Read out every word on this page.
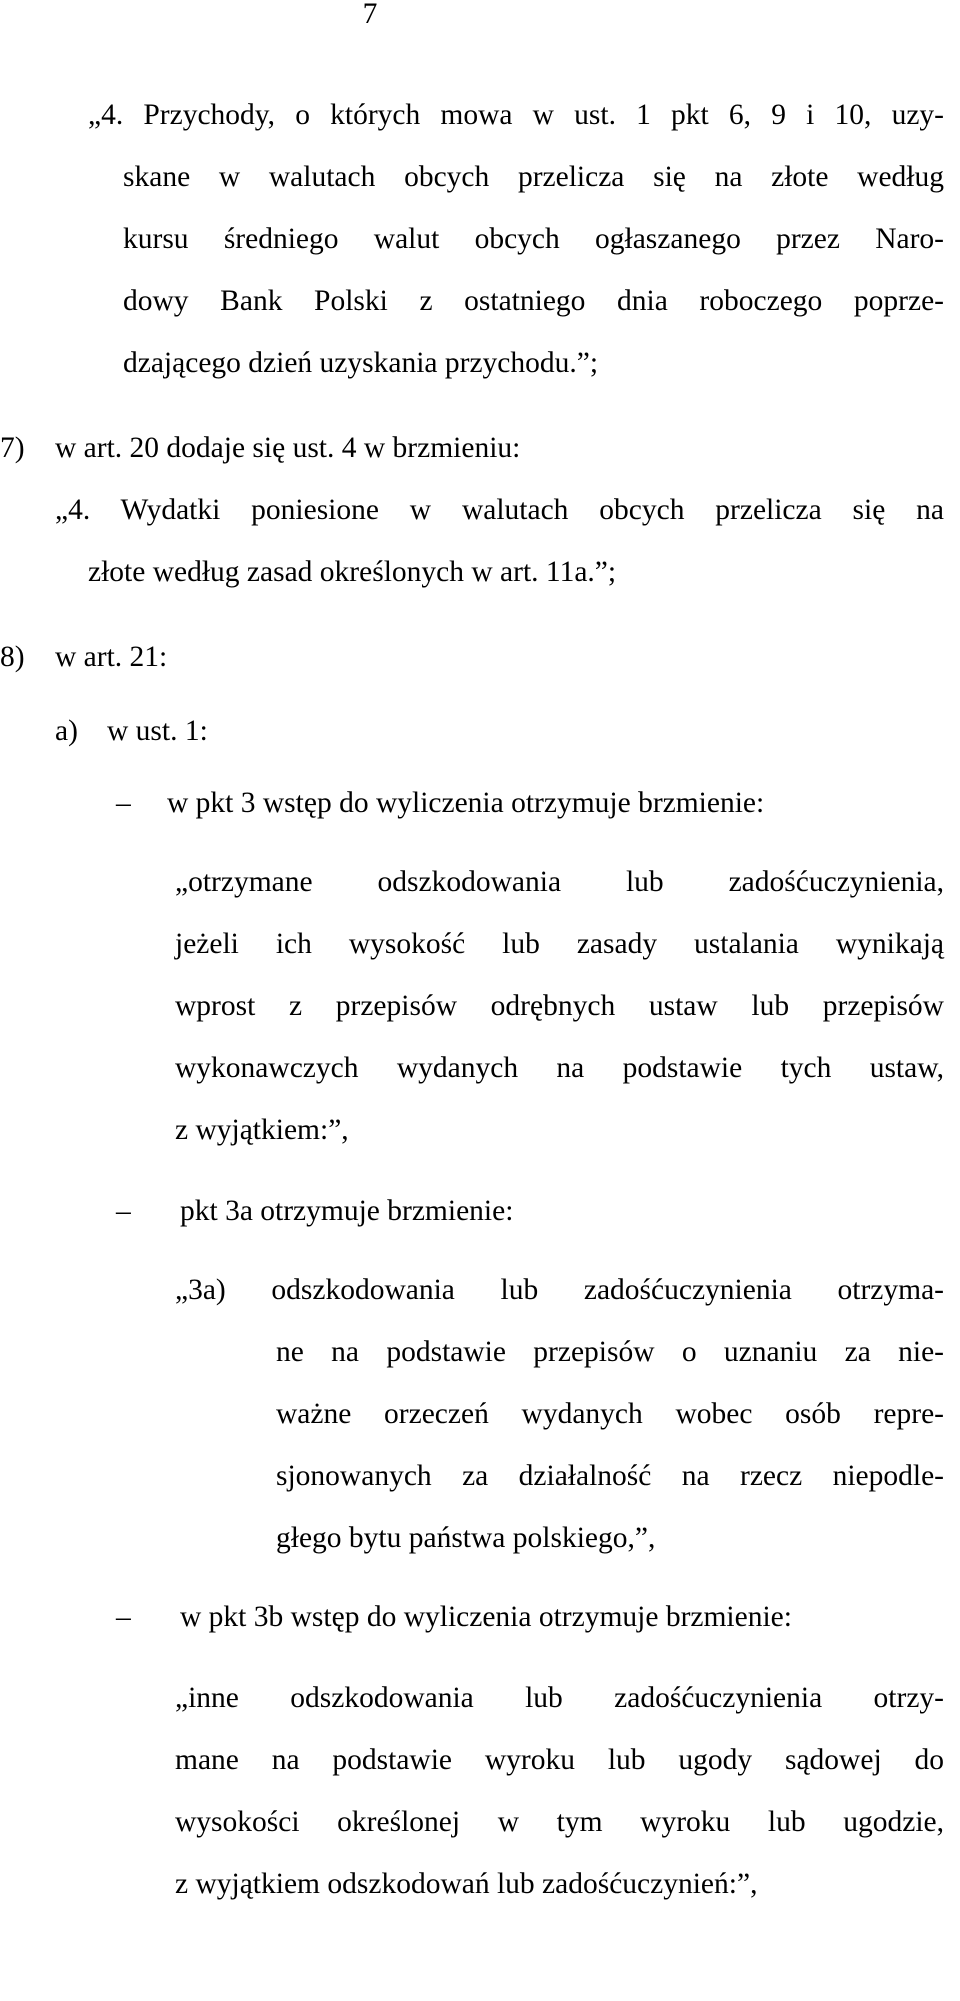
7
„4. Przychody, o których mowa w ust. 1 pkt 6, 9 i 10, uzy-
skane w walutach obcych przelicza się na złote według
kursu średniego walut obcych ogłaszanego przez Naro-
dowy Bank Polski z ostatniego dnia roboczego poprze-
dzającego dzień uzyskania przychodu.”;
7) w art. 20 dodaje się ust. 4 w brzmieniu:
„4. Wydatki poniesione w walutach obcych przelicza się na
złote według zasad określonych w art. 11a.”;
8) w art. 21:
a) w ust. 1:
– w pkt 3 wstęp do wyliczenia otrzymuje brzmienie:
„otrzymane odszkodowania lub zadośćuczynienia,
jeżeli ich wysokość lub zasady ustalania wynikają
wprost z przepisów odrębnych ustaw lub przepisów
wykonawczych wydanych na podstawie tych ustaw,
z wyjątkiem:”,
– pkt 3a otrzymuje brzmienie:
„3a) odszkodowania lub zadośćuczynienia otrzyma-
ne na podstawie przepisów o uznaniu za nie-
ważne orzeczeń wydanych wobec osób repre-
sjonowanych za działalność na rzecz niepodle-
głego bytu państwa polskiego,”,
– w pkt 3b wstęp do wyliczenia otrzymuje brzmienie:
„inne odszkodowania lub zadośćuczynienia otrzy-
mane na podstawie wyroku lub ugody sądowej do
wysokości określonej w tym wyroku lub ugodzie,
z wyjątkiem odszkodowań lub zadośćuczynień:”,
